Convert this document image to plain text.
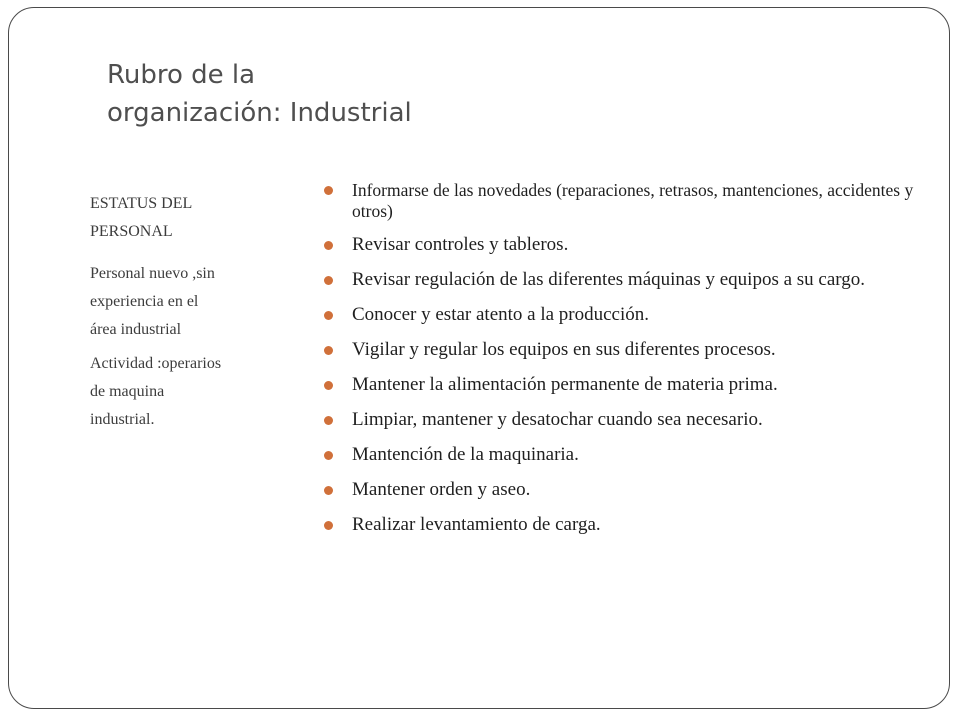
Rubro de la
organización: Industrial

ESTATUS DEL
PERSONAL

Personal nuevo ,sin
experiencia en el
área industrial

Actividad :operarios
de maquina
industrial.

Informarse de las novedades (reparaciones, retrasos, mantenciones, accidentes y otros)
Revisar controles y tableros.
Revisar regulación de las diferentes máquinas y equipos a su cargo.
Conocer y estar atento a la producción.
Vigilar y regular los equipos en sus diferentes procesos.
Mantener la alimentación permanente de materia prima.
Limpiar, mantener y desatochar cuando sea necesario.
Mantención de la maquinaria.
Mantener orden y aseo.
Realizar levantamiento de carga.
